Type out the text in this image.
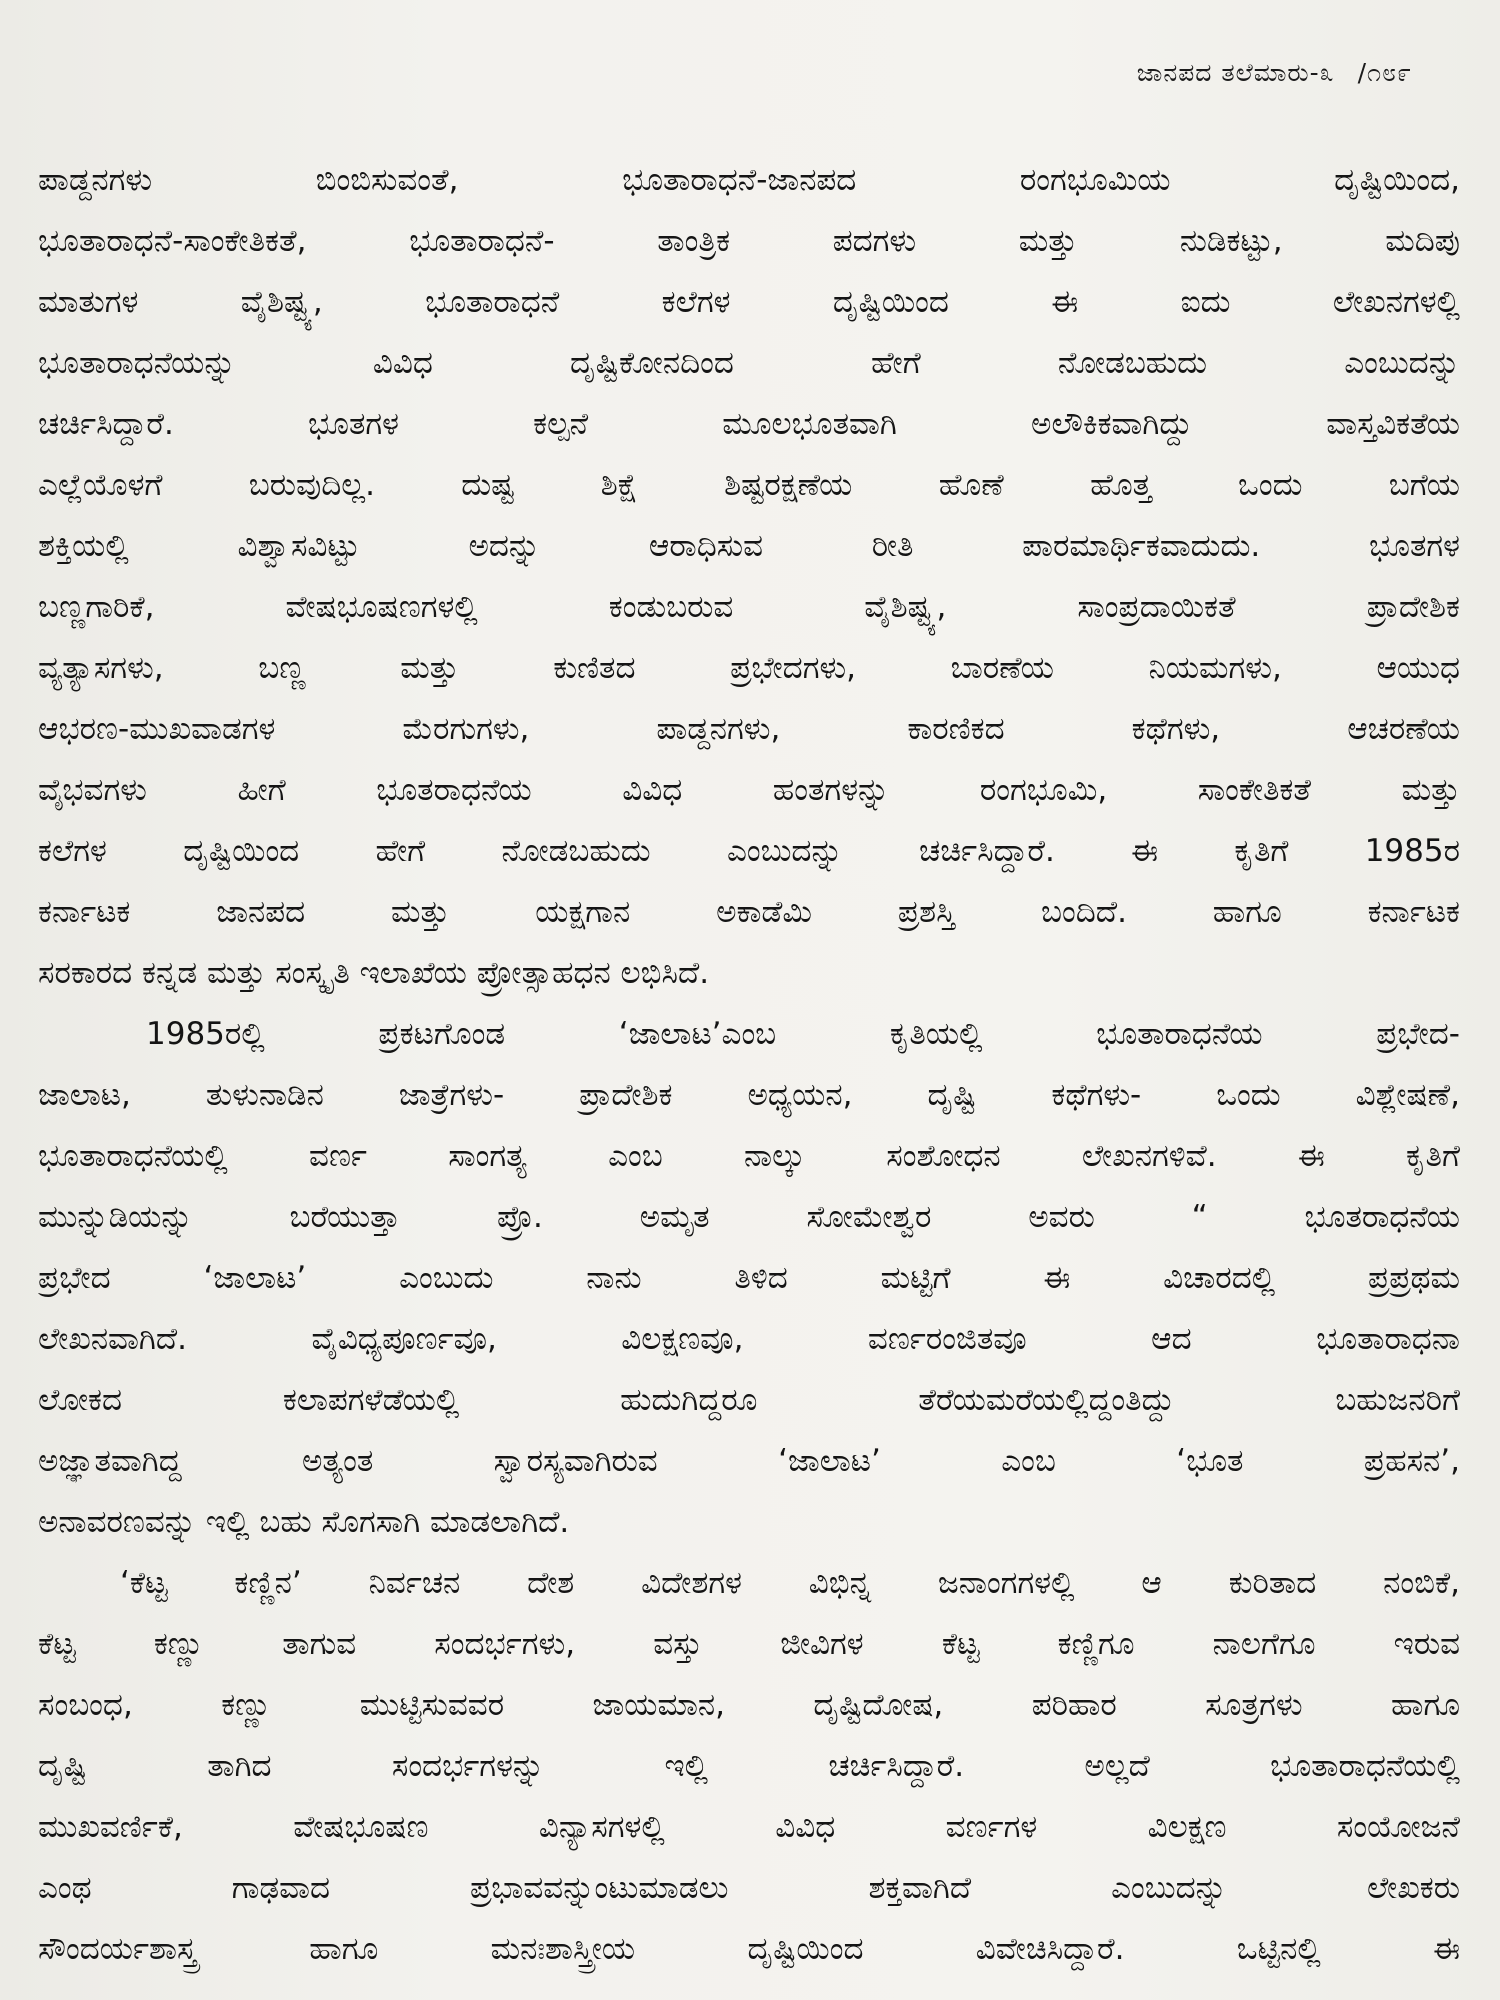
ಜಾನಪದ ತಲೆಮಾರು-೩ /೧೮೯

ಪಾಡ್ದನಗಳು ಬಿಂಬಿಸುವಂತೆ, ಭೂತಾರಾಧನೆ-ಜಾನಪದ ರಂಗಭೂಮಿಯ ದೃಷ್ಟಿಯಿಂದ,
ಭೂತಾರಾಧನೆ-ಸಾಂಕೇತಿಕತೆ, ಭೂತಾರಾಧನೆ- ತಾಂತ್ರಿಕ ಪದಗಳು ಮತ್ತು ನುಡಿಕಟ್ಟು, ಮದಿಪು
ಮಾತುಗಳ ವೈಶಿಷ್ಟ್ಯ, ಭೂತಾರಾಧನೆ ಕಲೆಗಳ ದೃಷ್ಟಿಯಿಂದ ಈ ಐದು ಲೇಖನಗಳಲ್ಲಿ
ಭೂತಾರಾಧನೆಯನ್ನು ವಿವಿಧ ದೃಷ್ಟಿಕೋನದಿಂದ ಹೇಗೆ ನೋಡಬಹುದು ಎಂಬುದನ್ನು
ಚರ್ಚಿಸಿದ್ದಾರೆ. ಭೂತಗಳ ಕಲ್ಪನೆ ಮೂಲಭೂತವಾಗಿ ಅಲೌಕಿಕವಾಗಿದ್ದು ವಾಸ್ತವಿಕತೆಯ
ಎಲ್ಲೆಯೊಳಗೆ ಬರುವುದಿಲ್ಲ. ದುಷ್ಟ ಶಿಕ್ಷೆ ಶಿಷ್ಟರಕ್ಷಣೆಯ ಹೊಣೆ ಹೊತ್ತ ಒಂದು ಬಗೆಯ
ಶಕ್ತಿಯಲ್ಲಿ ವಿಶ್ವಾಸವಿಟ್ಟು ಅದನ್ನು ಆರಾಧಿಸುವ ರೀತಿ ಪಾರಮಾರ್ಥಿಕವಾದುದು. ಭೂತಗಳ
ಬಣ್ಣಗಾರಿಕೆ, ವೇಷಭೂಷಣಗಳಲ್ಲಿ ಕಂಡುಬರುವ ವೈಶಿಷ್ಟ್ಯ, ಸಾಂಪ್ರದಾಯಿಕತೆ ಪ್ರಾದೇಶಿಕ
ವ್ಯತ್ಯಾಸಗಳು, ಬಣ್ಣ ಮತ್ತು ಕುಣಿತದ ಪ್ರಭೇದಗಳು, ಬಾರಣೆಯ ನಿಯಮಗಳು, ಆಯುಧ
ಆಭರಣ-ಮುಖವಾಡಗಳ ಮೆರಗುಗಳು, ಪಾಡ್ದನಗಳು, ಕಾರಣಿಕದ ಕಥೆಗಳು, ಆಚರಣೆಯ
ವೈಭವಗಳು ಹೀಗೆ ಭೂತರಾಧನೆಯ ವಿವಿಧ ಹಂತಗಳನ್ನು ರಂಗಭೂಮಿ, ಸಾಂಕೇತಿಕತೆ ಮತ್ತು
ಕಲೆಗಳ ದೃಷ್ಟಿಯಿಂದ ಹೇಗೆ ನೋಡಬಹುದು ಎಂಬುದನ್ನು ಚರ್ಚಿಸಿದ್ದಾರೆ. ಈ ಕೃತಿಗೆ 1985ರ
ಕರ್ನಾಟಕ ಜಾನಪದ ಮತ್ತು ಯಕ್ಷಗಾನ ಅಕಾಡೆಮಿ ಪ್ರಶಸ್ತಿ ಬಂದಿದೆ. ಹಾಗೂ ಕರ್ನಾಟಕ
ಸರಕಾರದ ಕನ್ನಡ ಮತ್ತು ಸಂಸ್ಕೃತಿ ಇಲಾಖೆಯ ಪ್ರೋತ್ಸಾಹಧನ ಲಭಿಸಿದೆ.

1985ರಲ್ಲಿ ಪ್ರಕಟಗೊಂಡ ‘ಜಾಲಾಟ’ಎಂಬ ಕೃತಿಯಲ್ಲಿ ಭೂತಾರಾಧನೆಯ ಪ್ರಭೇದ-
ಜಾಲಾಟ, ತುಳುನಾಡಿನ ಜಾತ್ರೆಗಳು- ಪ್ರಾದೇಶಿಕ ಅಧ್ಯಯನ, ದೃಷ್ಟಿ ಕಥೆಗಳು- ಒಂದು ವಿಶ್ಲೇಷಣೆ,
ಭೂತಾರಾಧನೆಯಲ್ಲಿ ವರ್ಣ ಸಾಂಗತ್ಯ ಎಂಬ ನಾಲ್ಕು ಸಂಶೋಧನ ಲೇಖನಗಳಿವೆ. ಈ ಕೃತಿಗೆ
ಮುನ್ನುಡಿಯನ್ನು ಬರೆಯುತ್ತಾ ಪ್ರೊ. ಅಮೃತ ಸೋಮೇಶ್ವರ ಅವರು “ ಭೂತರಾಧನೆಯ
ಪ್ರಭೇದ ‘ಜಾಲಾಟ’ ಎಂಬುದು ನಾನು ತಿಳಿದ ಮಟ್ಟಿಗೆ ಈ ವಿಚಾರದಲ್ಲಿ ಪ್ರಪ್ರಥಮ
ಲೇಖನವಾಗಿದೆ. ವೈವಿಧ್ಯಪೂರ್ಣವೂ, ವಿಲಕ್ಷಣವೂ, ವರ್ಣರಂಜಿತವೂ ಆದ ಭೂತಾರಾಧನಾ
ಲೋಕದ ಕಲಾಪಗಳೆಡೆಯಲ್ಲಿ ಹುದುಗಿದ್ದರೂ ತೆರೆಯಮರೆಯಲ್ಲಿದ್ದಂತಿದ್ದು ಬಹುಜನರಿಗೆ
ಅಜ್ಞಾತವಾಗಿದ್ದ ಅತ್ಯಂತ ಸ್ವಾರಸ್ಯವಾಗಿರುವ ‘ಜಾಲಾಟ’ ಎಂಬ ‘ಭೂತ ಪ್ರಹಸನ’,
ಅನಾವರಣವನ್ನು ಇಲ್ಲಿ ಬಹು ಸೊಗಸಾಗಿ ಮಾಡಲಾಗಿದೆ.

‘ಕೆಟ್ಟ ಕಣ್ಣಿನ’ ನಿರ್ವಚನ ದೇಶ ವಿದೇಶಗಳ ವಿಭಿನ್ನ ಜನಾಂಗಗಳಲ್ಲಿ ಆ ಕುರಿತಾದ ನಂಬಿಕೆ,
ಕೆಟ್ಟ ಕಣ್ಣು ತಾಗುವ ಸಂದರ್ಭಗಳು, ವಸ್ತು ಜೀವಿಗಳ ಕೆಟ್ಟ ಕಣ್ಣಿಗೂ ನಾಲಗೆಗೂ ಇರುವ
ಸಂಬಂಧ, ಕಣ್ಣು ಮುಟ್ಟಿಸುವವರ ಜಾಯಮಾನ, ದೃಷ್ಟಿದೋಷ, ಪರಿಹಾರ ಸೂತ್ರಗಳು ಹಾಗೂ
ದೃಷ್ಟಿ ತಾಗಿದ ಸಂದರ್ಭಗಳನ್ನು ಇಲ್ಲಿ ಚರ್ಚಿಸಿದ್ದಾರೆ. ಅಲ್ಲದೆ ಭೂತಾರಾಧನೆಯಲ್ಲಿ
ಮುಖವರ್ಣಿಕೆ, ವೇಷಭೂಷಣ ವಿನ್ಯಾಸಗಳಲ್ಲಿ ವಿವಿಧ ವರ್ಣಗಳ ವಿಲಕ್ಷಣ ಸಂಯೋಜನೆ
ಎಂಥ ಗಾಢವಾದ ಪ್ರಭಾವವನ್ನುಂಟುಮಾಡಲು ಶಕ್ತವಾಗಿದೆ ಎಂಬುದನ್ನು ಲೇಖಕರು
ಸೌಂದರ್ಯಶಾಸ್ತ್ರ ಹಾಗೂ ಮನಃಶಾಸ್ತ್ರೀಯ ದೃಷ್ಟಿಯಿಂದ ವಿವೇಚಿಸಿದ್ದಾರೆ. ಒಟ್ಟಿನಲ್ಲಿ ಈ
